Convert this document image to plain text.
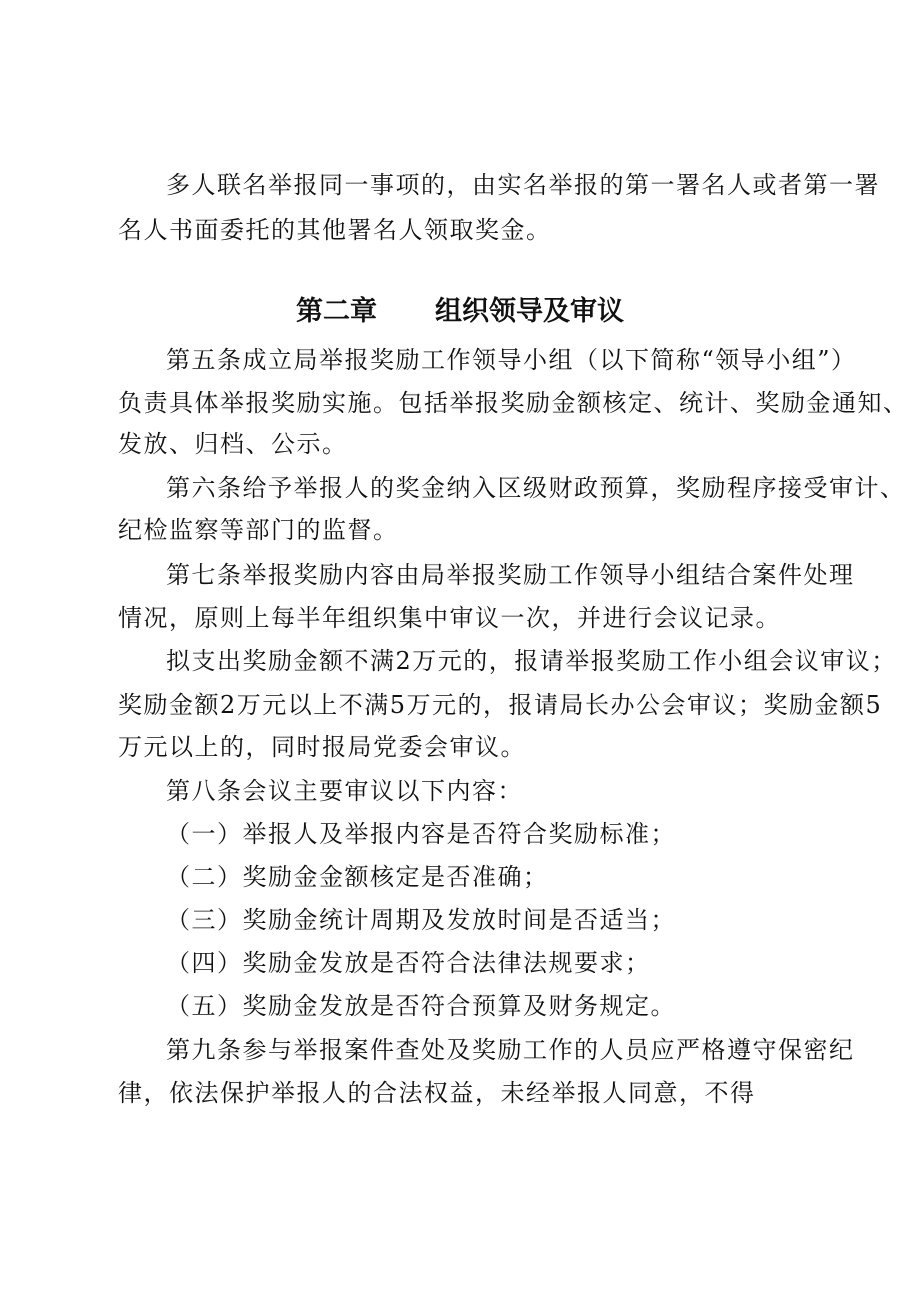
多人联名举报同一事项的，由实名举报的第一署名人或者第一署
名人书面委托的其他署名人领取奖金。
第二章 组织领导及审议
第五条成立局举报奖励工作领导小组（以下简称“领导小组”）
负责具体举报奖励实施。包括举报奖励金额核定、统计、奖励金通知、
发放、归档、公示。
第六条给予举报人的奖金纳入区级财政预算，奖励程序接受审计、
纪检监察等部门的监督。
第七条举报奖励内容由局举报奖励工作领导小组结合案件处理
情况，原则上每半年组织集中审议一次，并进行会议记录。
拟支出奖励金额不满2万元的，报请举报奖励工作小组会议审议；
奖励金额2万元以上不满5万元的，报请局长办公会审议；奖励金额5
万元以上的，同时报局党委会审议。
第八条会议主要审议以下内容：
（一）举报人及举报内容是否符合奖励标准；
（二）奖励金金额核定是否准确；
（三）奖励金统计周期及发放时间是否适当；
（四）奖励金发放是否符合法律法规要求；
（五）奖励金发放是否符合预算及财务规定。
第九条参与举报案件查处及奖励工作的人员应严格遵守保密纪
律，依法保护举报人的合法权益，未经举报人同意，不得
